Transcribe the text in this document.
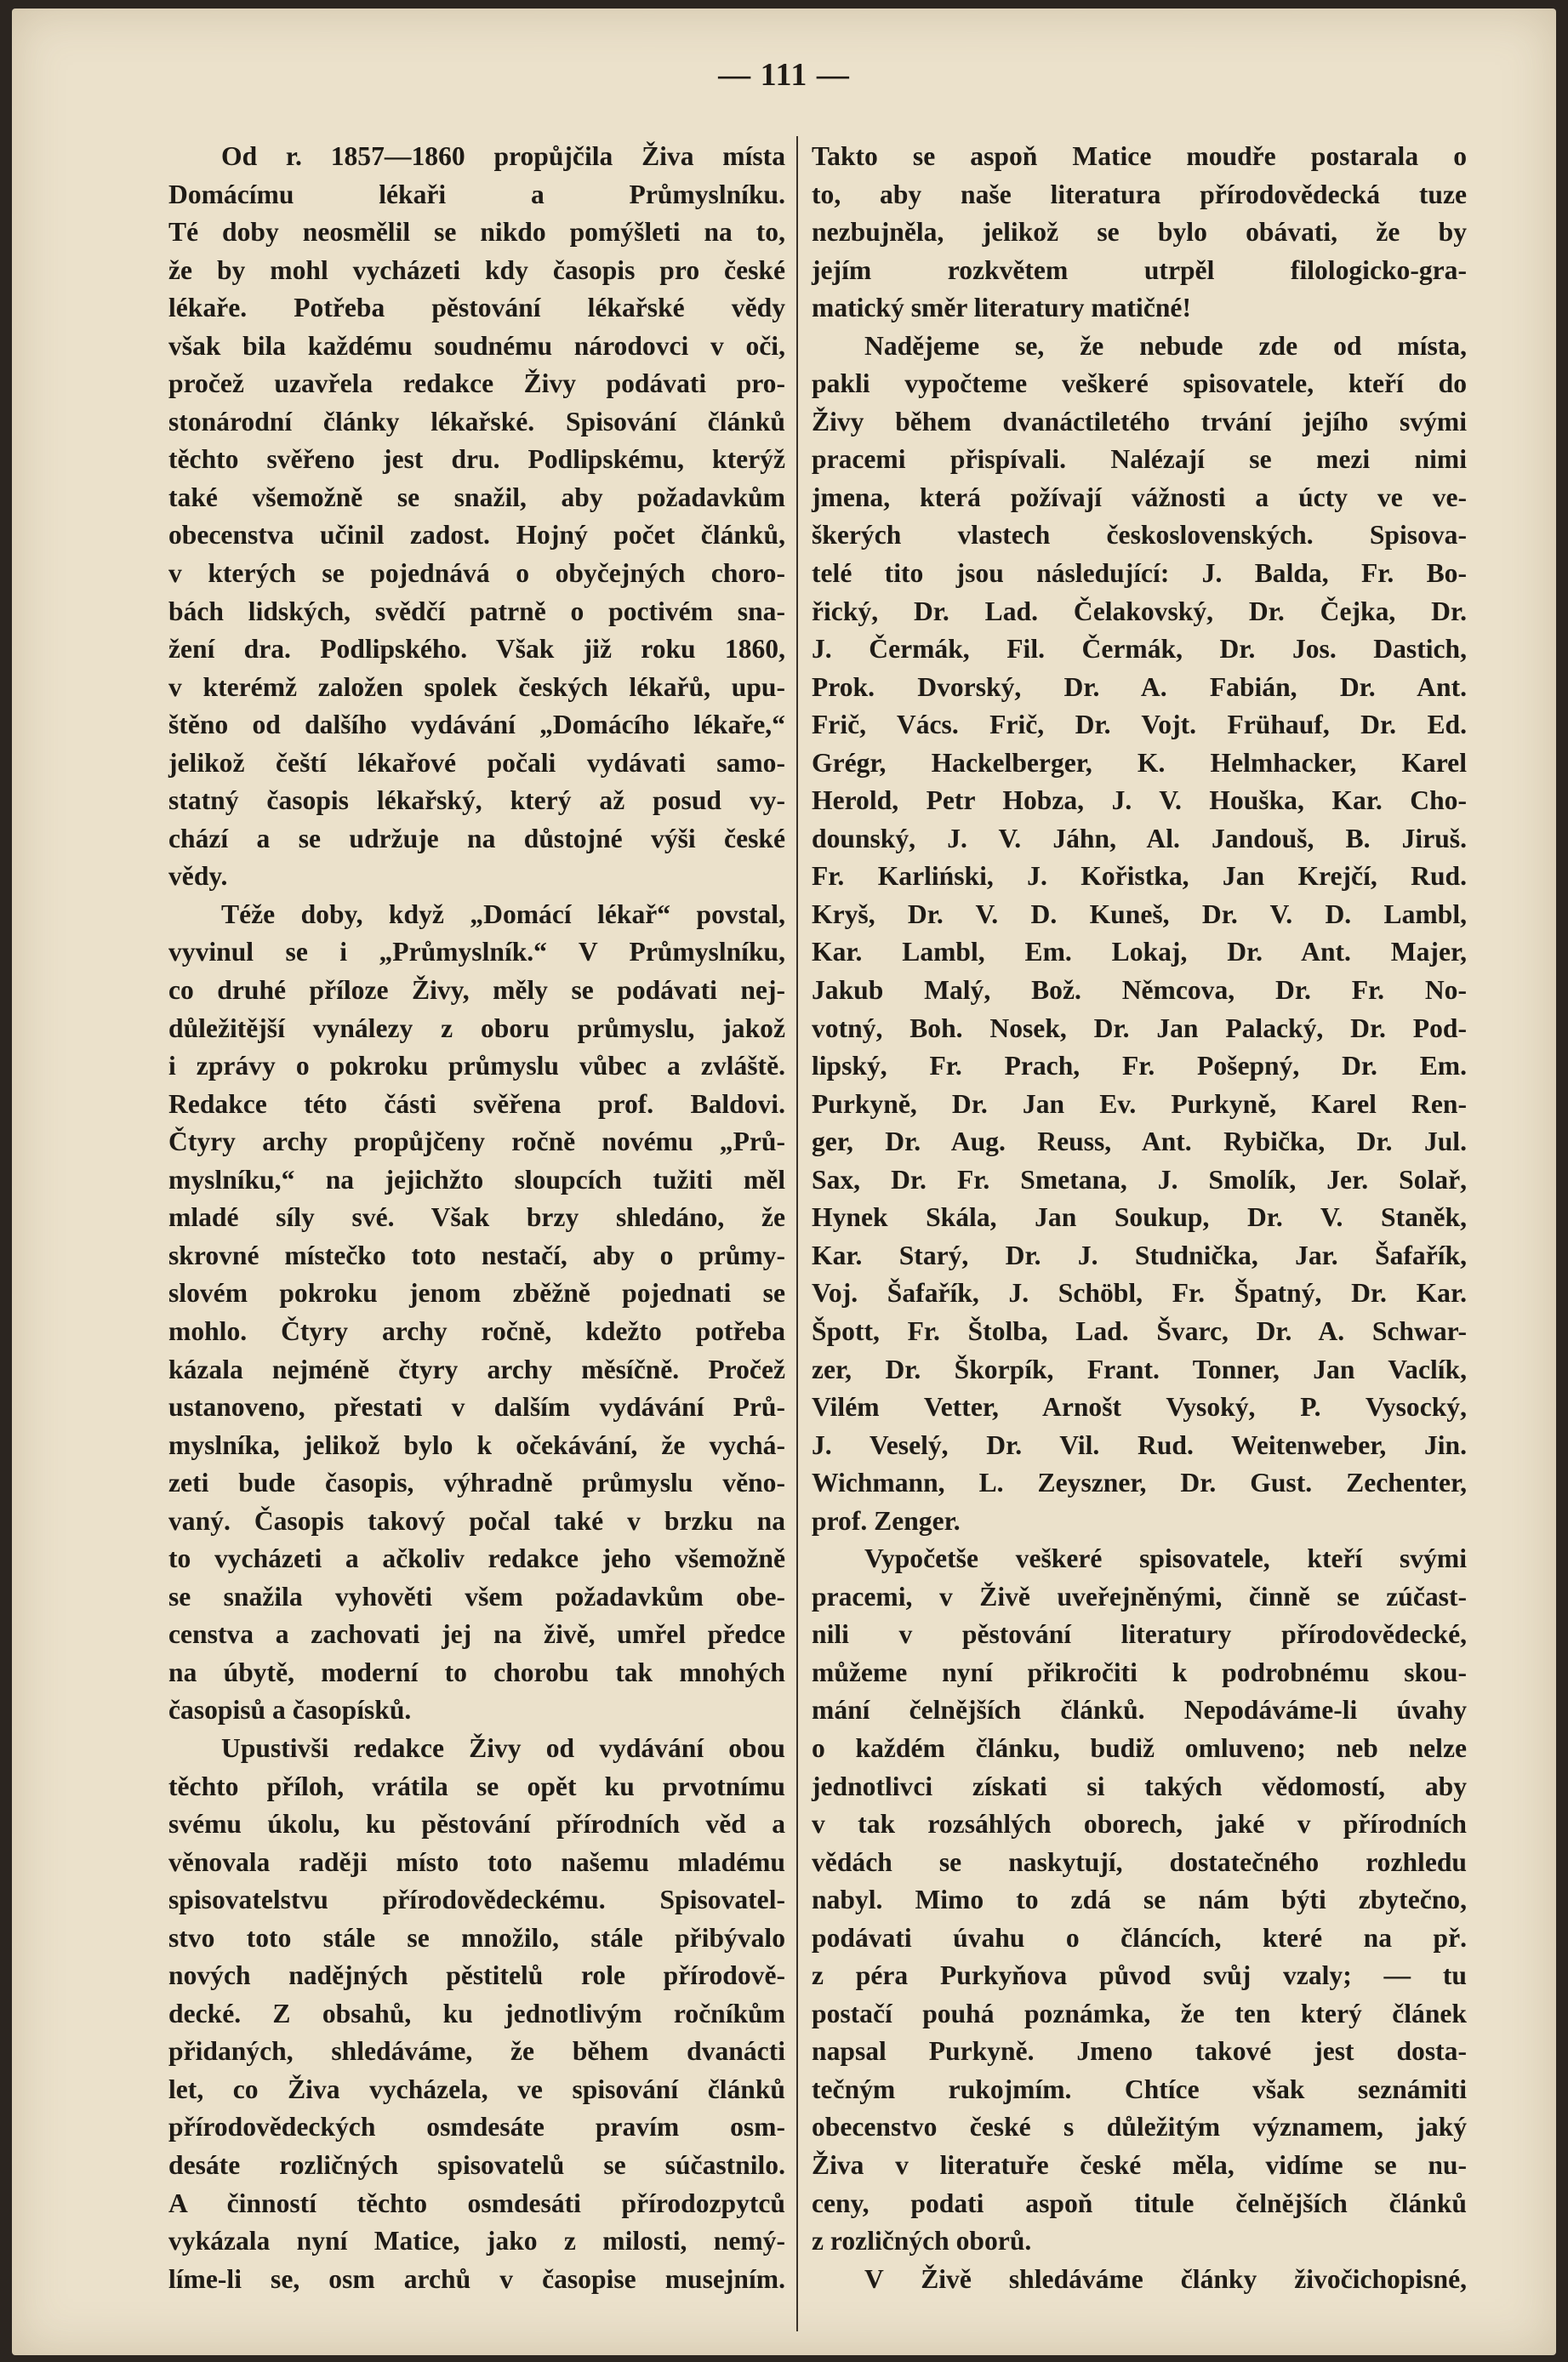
— 111 —
Od r. 1857—1860 propůjčila Živa místa
Domácímu lékaři a Průmyslníku.
Té doby neosmělil se nikdo pomýšleti na to,
že by mohl vycházeti kdy časopis pro české
lékaře. Potřeba pěstování lékařské vědy
však bila každému soudnému národovci v oči,
pročež uzavřela redakce Živy podávati pro-
stonárodní články lékařské. Spisování článků
těchto svěřeno jest dru. Podlipskému, kterýž
také všemožně se snažil, aby požadavkům
obecenstva učinil zadost. Hojný počet článků,
v kterých se pojednává o obyčejných choro-
bách lidských, svědčí patrně o poctivém sna-
žení dra. Podlipského. Však již roku 1860,
v kterémž založen spolek českých lékařů, upu-
štěno od dalšího vydávání „Domácího lékaře,“
jelikož čeští lékařové počali vydávati samo-
statný časopis lékařský, který až posud vy-
chází a se udržuje na důstojné výši české
vědy.
Téže doby, když „Domácí lékař“ povstal,
vyvinul se i „Průmyslník.“ V Průmyslníku,
co druhé příloze Živy, měly se podávati nej-
důležitější vynálezy z oboru průmyslu, jakož
i zprávy o pokroku průmyslu vůbec a zvláště.
Redakce této části svěřena prof. Baldovi.
Čtyry archy propůjčeny ročně novému „Prů-
myslníku,“ na jejichžto sloupcích tužiti měl
mladé síly své. Však brzy shledáno, že
skrovné místečko toto nestačí, aby o průmy-
slovém pokroku jenom zběžně pojednati se
mohlo. Čtyry archy ročně, kdežto potřeba
kázala nejméně čtyry archy měsíčně. Pročež
ustanoveno, přestati v dalším vydávání Prů-
myslníka, jelikož bylo k očekávání, že vychá-
zeti bude časopis, výhradně průmyslu věno-
vaný. Časopis takový počal také v brzku na
to vycházeti a ačkoliv redakce jeho všemožně
se snažila vyhověti všem požadavkům obe-
censtva a zachovati jej na živě, umřel předce
na úbytě, moderní to chorobu tak mnohých
časopisů a časopísků.
Upustivši redakce Živy od vydávání obou
těchto příloh, vrátila se opět ku prvotnímu
svému úkolu, ku pěstování přírodních věd a
věnovala raději místo toto našemu mladému
spisovatelstvu přírodovědeckému. Spisovatel-
stvo toto stále se množilo, stále přibývalo
nových nadějných pěstitelů role přírodově-
decké. Z obsahů, ku jednotlivým ročníkům
přidaných, shledáváme, že během dvanácti
let, co Živa vycházela, ve spisování článků
přírodovědeckých osmdesáte pravím osm-
desáte rozličných spisovatelů se súčastnilo.
A činností těchto osmdesáti přírodozpytců
vykázala nyní Matice, jako z milosti, nemý-
líme-li se, osm archů v časopise musejním.
Takto se aspoň Matice moudře postarala o
to, aby naše literatura přírodovědecká tuze
nezbujněla, jelikož se bylo obávati, že by
jejím rozkvětem utrpěl filologicko-gra-
matický směr literatury matičné!
Nadějeme se, že nebude zde od místa,
pakli vypočteme veškeré spisovatele, kteří do
Živy během dvanáctiletého trvání jejího svými
pracemi přispívali. Nalézají se mezi nimi
jmena, která požívají vážnosti a úcty ve ve-
škerých vlastech československých. Spisova-
telé tito jsou následující: J. Balda, Fr. Bo-
řický, Dr. Lad. Čelakovský, Dr. Čejka, Dr.
J. Čermák, Fil. Čermák, Dr. Jos. Dastich,
Prok. Dvorský, Dr. A. Fabián, Dr. Ant.
Frič, Vács. Frič, Dr. Vojt. Frühauf, Dr. Ed.
Grégr, Hackelberger, K. Helmhacker, Karel
Herold, Petr Hobza, J. V. Houška, Kar. Cho-
dounský, J. V. Jáhn, Al. Jandouš, B. Jiruš.
Fr. Karliński, J. Kořistka, Jan Krejčí, Rud.
Kryš, Dr. V. D. Kuneš, Dr. V. D. Lambl,
Kar. Lambl, Em. Lokaj, Dr. Ant. Majer,
Jakub Malý, Bož. Němcova, Dr. Fr. No-
votný, Boh. Nosek, Dr. Jan Palacký, Dr. Pod-
lipský, Fr. Prach, Fr. Pošepný, Dr. Em.
Purkyně, Dr. Jan Ev. Purkyně, Karel Ren-
ger, Dr. Aug. Reuss, Ant. Rybička, Dr. Jul.
Sax, Dr. Fr. Smetana, J. Smolík, Jer. Solař,
Hynek Skála, Jan Soukup, Dr. V. Staněk,
Kar. Starý, Dr. J. Studnička, Jar. Šafařík,
Voj. Šafařík, J. Schöbl, Fr. Špatný, Dr. Kar.
Špott, Fr. Štolba, Lad. Švarc, Dr. A. Schwar-
zer, Dr. Škorpík, Frant. Tonner, Jan Vaclík,
Vilém Vetter, Arnošt Vysoký, P. Vysocký,
J. Veselý, Dr. Vil. Rud. Weitenweber, Jin.
Wichmann, L. Zeyszner, Dr. Gust. Zechenter,
prof. Zenger.
Vypočetše veškeré spisovatele, kteří svými
pracemi, v Živě uveřejněnými, činně se zúčast-
nili v pěstování literatury přírodovědecké,
můžeme nyní přikročiti k podrobnému skou-
mání čelnějších článků. Nepodáváme-li úvahy
o každém článku, budiž omluveno; neb nelze
jednotlivci získati si takých vědomostí, aby
v tak rozsáhlých oborech, jaké v přírodních
vědách se naskytují, dostatečného rozhledu
nabyl. Mimo to zdá se nám býti zbytečno,
podávati úvahu o článcích, které na př.
z péra Purkyňova původ svůj vzaly; — tu
postačí pouhá poznámka, že ten který článek
napsal Purkyně. Jmeno takové jest dosta-
tečným rukojmím. Chtíce však seznámiti
obecenstvo české s důležitým významem, jaký
Živa v literatuře české měla, vidíme se nu-
ceny, podati aspoň titule čelnějších článků
z rozličných oborů.
V Živě shledáváme články živočichopisné,
